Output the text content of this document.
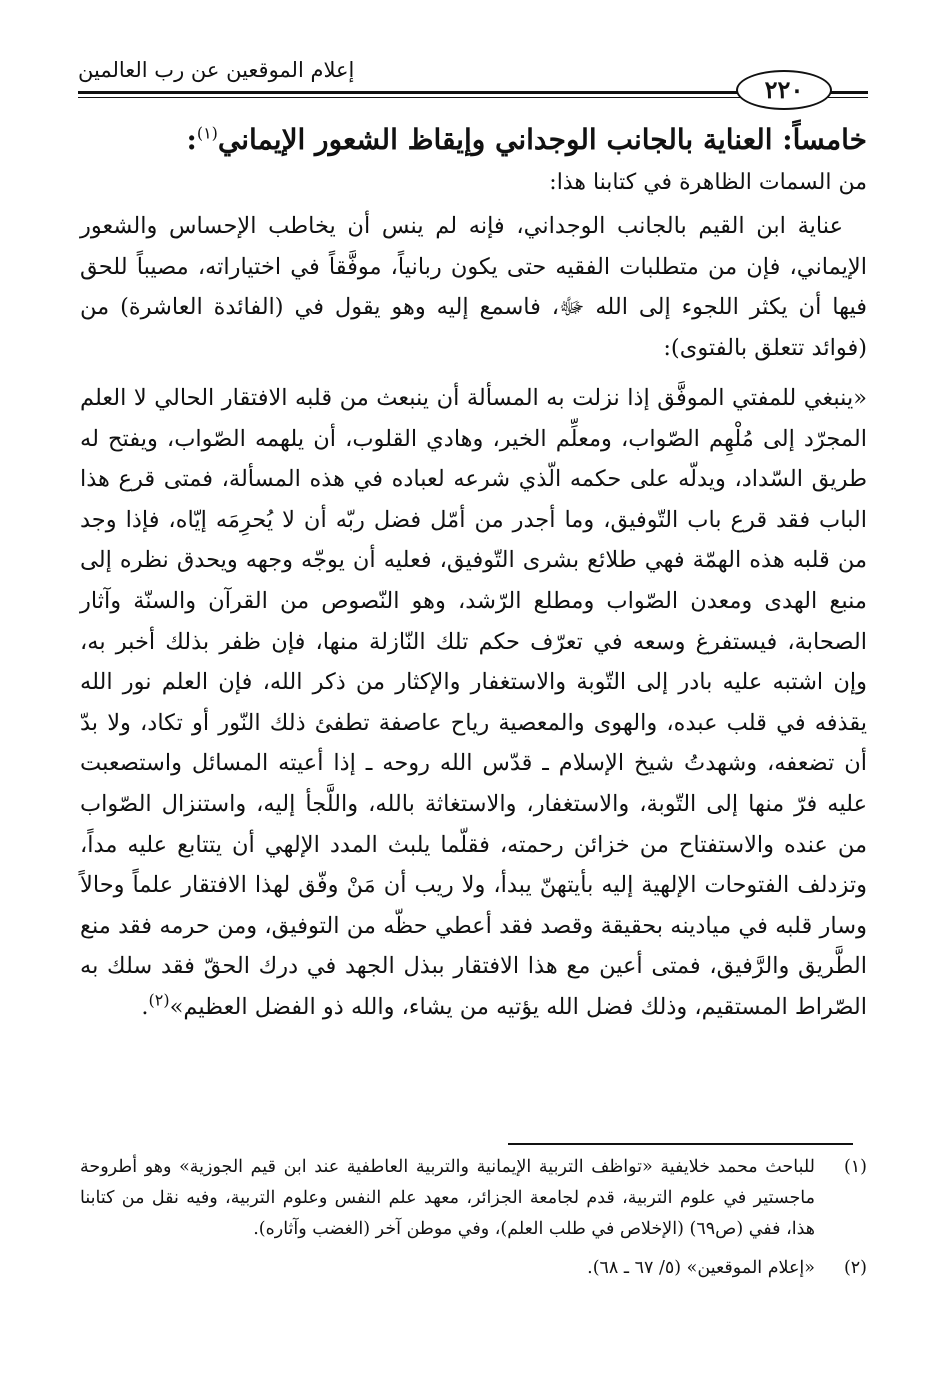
إعلام الموقعين عن رب العالمين
٢٢٠
خامساً: العناية بالجانب الوجداني وإيقاظ الشعور الإيماني$^{(١)}$:
من السمات الظاهرة في كتابنا هذا:
عناية ابن القيم بالجانب الوجداني، فإنه لم ينس أن يخاطب الإحساس والشعور الإيماني، فإن من متطلبات الفقيه حتى يكون ربانياً، موفَّقاً في اختياراته، مصيباً للحق فيها أن يكثر اللجوء إلى الله ﷻ، فاسمع إليه وهو يقول في (الفائدة العاشرة) من (فوائد تتعلق بالفتوى):
«ينبغي للمفتي الموفَّق إذا نزلت به المسألة أن ينبعث من قلبه الافتقار الحالي لا العلم المجرّد إلى مُلْهِم الصّواب، ومعلِّم الخير، وهادي القلوب، أن يلهمه الصّواب، ويفتح له طريق السّداد، ويدلّه على حكمه الّذي شرعه لعباده في هذه المسألة، فمتى قرع هذا الباب فقد قرع باب التّوفيق، وما أجدر من أمّل فضل ربّه أن لا يُحرِمَه إيّاه، فإذا وجد من قلبه هذه الهمّة فهي طلائع بشرى التّوفيق، فعليه أن يوجّه وجهه ويحدق نظره إلى منبع الهدى ومعدن الصّواب ومطلع الرّشد، وهو النّصوص من القرآن والسنّة وآثار الصحابة، فيستفرغ وسعه في تعرّف حكم تلك النّازلة منها، فإن ظفر بذلك أخبر به، وإن اشتبه عليه بادر إلى التّوبة والاستغفار والإكثار من ذكر الله، فإن العلم نور الله يقذفه في قلب عبده، والهوى والمعصية رياح عاصفة تطفئ ذلك النّور أو تكاد، ولا بدّ أن تضعفه، وشهدتُ شيخ الإسلام ـ قدّس الله روحه ـ إذا أعيته المسائل واستصعبت عليه فرّ منها إلى التّوبة، والاستغفار، والاستغاثة بالله، واللَّجأ إليه، واستنزال الصّواب من عنده والاستفتاح من خزائن رحمته، فقلّما يلبث المدد الإلهي أن يتتابع عليه مداً، وتزدلف الفتوحات الإلهية إليه بأيتهنّ يبدأ، ولا ريب أن مَنْ وفّق لهذا الافتقار علماً وحالاً وسار قلبه في ميادينه بحقيقة وقصد فقد أعطي حظّه من التوفيق، ومن حرمه فقد منع الطَّريق والرَّفيق، فمتى أعين مع هذا الافتقار ببذل الجهد في درك الحقّ فقد سلك به الصّراط المستقيم، وذلك فضل الله يؤتيه من يشاء، والله ذو الفضل العظيم»$^{(٢)}$.
(١)
للباحث محمد خلايفية «تواظف التربية الإيمانية والتربية العاطفية عند ابن قيم الجوزية» وهو أطروحة ماجستير في علوم التربية، قدم لجامعة الجزائر، معهد علم النفس وعلوم التربية، وفيه نقل من كتابنا هذا، ففي (ص٦٩) (الإخلاص في طلب العلم)، وفي موطن آخر (الغضب وآثاره).
(٢)
«إعلام الموقعين» (٥/ ٦٧ ـ ٦٨).
